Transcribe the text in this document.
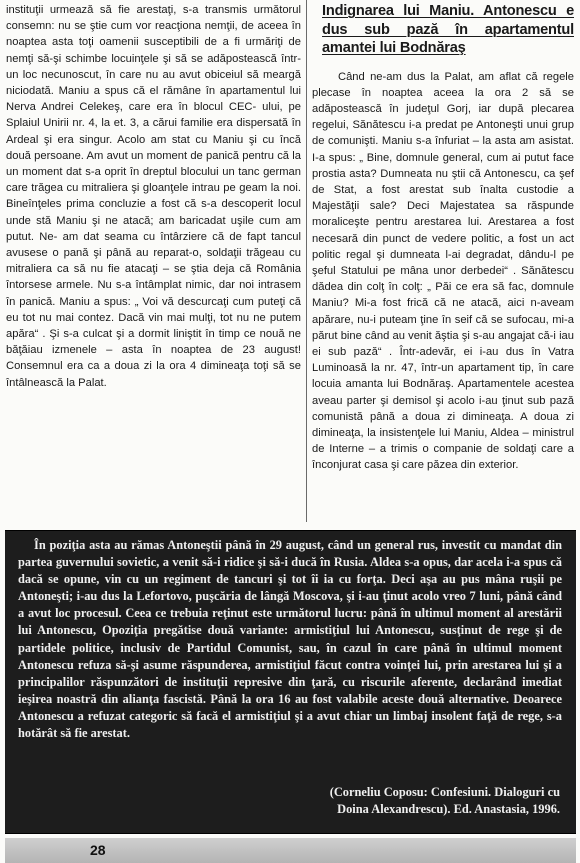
instituţii urmează să fie arestaţi, s-a transmis următorul consemn: nu se ştie cum vor reacţiona nemţii, de aceea în noaptea asta toţi oamenii susceptibili de a fi urmăriţi de nemţi să-şi schimbe locuinţele şi să se adăpostească într-un loc necunoscut, în care nu au avut obiceiul să meargă niciodată. Maniu a spus că el rămâne în apartamentul lui Nerva Andrei Celekeş, care era în blocul CEC- ului, pe Splaiul Unirii nr. 4, la et. 3, a cărui familie era dispersată în Ardeal şi era singur. Acolo am stat cu Maniu şi cu încă două persoane. Am avut un moment de panică pentru că la un moment dat s-a oprit în dreptul blocului un tanc german care trăgea cu mitraliera şi gloanţele intrau pe geam la noi. Bineînţeles prima concluzie a fost că s-a descoperit locul unde stă Maniu şi ne atacă; am baricadat uşile cum am putut. Ne- am dat seama cu întârziere că de fapt tancul avusese o pană şi până au reparat-o, soldaţii trăgeau cu mitraliera ca să nu fie atacaţi – se ştia deja că România întorsese armele. Nu s-a întâmplat nimic, dar noi intrasem în panică. Maniu a spus: „ Voi vă descurcaţi cum puteţi că eu tot nu mai contez. Dacă vin mai mulţi, tot nu ne putem apăra“ . Şi s-a culcat şi a dormit liniştit în timp ce nouă ne băţăiau izmenele – asta în noaptea de 23 august! Consemnul era ca a doua zi la ora 4 dimineaţa toţi să se întâlnească la Palat.

Indignarea lui Maniu. Antonescu e dus sub pază în apartamentul amantei lui Bodnăraş

Când ne-am dus la Palat, am aflat că regele plecase în noaptea aceea la ora 2 să se adăpostească în judeţul Gorj, iar după plecarea regelui, Sănătescu i-a predat pe Antoneşti unui grup de comunişti. Maniu s-a înfuriat – la asta am asistat. I-a spus: „ Bine, domnule general, cum ai putut face prostia asta? Dumneata nu ştii că Antonescu, ca şef de Stat, a fost arestat sub înalta custodie a Majestăţii sale? Deci Majestatea sa răspunde moraliceşte pentru arestarea lui. Arestarea a fost necesară din punct de vedere politic, a fost un act politic regal şi dumneata l-ai degradat, dându-l pe şeful Statului pe mâna unor derbedei“ . Sănătescu dădea din colţ în colţ: „ Păi ce era să fac, domnule Maniu? Mi-a fost frică că ne atacă, aici n-aveam apărare, nu-i puteam ţine în seif că se sufocau, mi-a părut bine când au venit ăştia şi s-au angajat că-i iau ei sub pază“ . Într-adevăr, ei i-au dus în Vatra Luminoasă la nr. 47, într-un apartament tip, în care locuia amanta lui Bodnăraş. Apartamentele acestea aveau parter şi demisol şi acolo i-au ţinut sub pază comunistă până a doua zi dimineaţa. A doua zi dimineaţa, la insistenţele lui Maniu, Aldea – ministrul de Interne – a trimis o companie de soldaţi care a înconjurat casa şi care păzea din exterior.

În poziţia asta au rămas Antoneştii până în 29 august, când un general rus, investit cu mandat din partea guvernului sovietic, a venit să-i ridice şi să-i ducă în Rusia. Aldea s-a opus, dar acela i-a spus că dacă se opune, vin cu un regiment de tancuri şi tot îi ia cu forţa. Deci aşa au pus mâna ruşii pe Antoneşti; i-au dus la Lefortovo, puşcăria de lângă Moscova, şi i-au ţinut acolo vreo 7 luni, până când a avut loc procesul. Ceea ce trebuia reţinut este următorul lucru: până în ultimul moment al arestării lui Antonescu, Opoziţia pregătise două variante: armistiţiul lui Antonescu, susţinut de rege şi de partidele politice, inclusiv de Partidul Comunist, sau, în cazul în care până în ultimul moment Antonescu refuza să-şi asume răspunderea, armistiţiul făcut contra voinţei lui, prin arestarea lui şi a principalilor răspunzători de instituţii represive din ţară, cu riscurile aferente, declarând imediat ieşirea noastră din alianţa fascistă. Până la ora 16 au fost valabile aceste două alternative. Deoarece Antonescu a refuzat categoric să facă el armistiţiul şi a avut chiar un limbaj insolent faţă de rege, s-a hotărât să fie arestat.

(Corneliu Coposu: Confesiuni. Dialoguri cu Doina Alexandrescu). Ed. Anastasia, 1996.

28
